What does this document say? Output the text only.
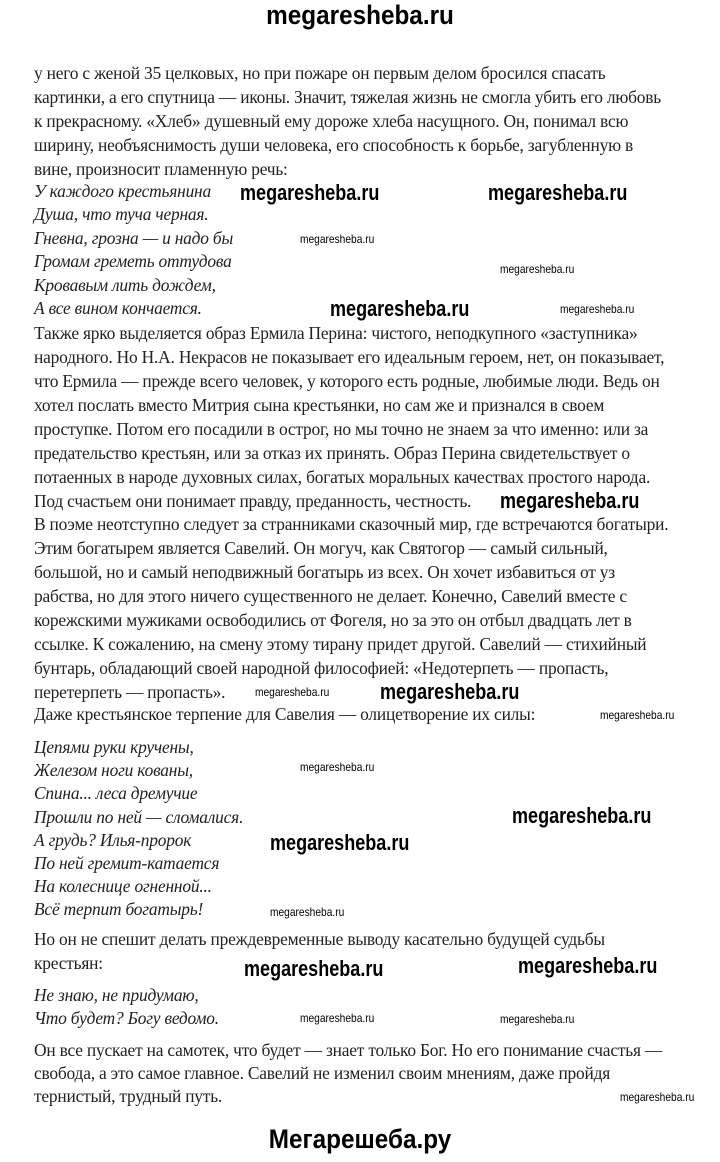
megaresheba.ru
у него с женой 35 целковых, но при пожаре он первым делом бросился спасать
картинки, а его спутница — иконы. Значит, тяжелая жизнь не смогла убить его любовь
к прекрасному. «Хлеб» душевный ему дороже хлеба насущного. Он, понимал всю
ширину, необъяснимость души человека, его способность к борьбе, загубленную в
вине, произносит пламенную речь:
У каждого крестьянина
Душа, что туча черная.
Гневна, грозна — и надо бы
Громам греметь оттудова
Кровавым лить дождем,
А все вином кончается.
Также ярко выделяется образ Ермила Перина: чистого, неподкупного «заступника»
народного. Но Н.А. Некрасов не показывает его идеальным героем, нет, он показывает,
что Ермила — прежде всего человек, у которого есть родные, любимые люди. Ведь он
хотел послать вместо Митрия сына крестьянки, но сам же и признался в своем
проступке. Потом его посадили в острог, но мы точно не знаем за что именно: или за
предательство крестьян, или за отказ их принять. Образ Перина свидетельствует о
потаенных в народе духовных силах, богатых моральных качествах простого народа.
Под счастьем они понимает правду, преданность, честность.
В поэме неотступно следует за странниками сказочный мир, где встречаются богатыри.
Этим богатырем является Савелий. Он могуч, как Святогор — самый сильный,
большой, но и самый неподвижный богатырь из всех. Он хочет избавиться от уз
рабства, но для этого ничего существенного не делает. Конечно, Савелий вместе с
корежскими мужиками освободились от Фогеля, но за это он отбыл двадцать лет в
ссылке. К сожалению, на смену этому тирану придет другой. Савелий — стихийный
бунтарь, обладающий своей народной философией: «Недотерпеть — пропасть,
перетерпеть — пропасть».
Даже крестьянское терпение для Савелия — олицетворение их силы:
Цепями руки кручены,
Железом ноги кованы,
Спина... леса дремучие
Прошли по ней — сломалися.
А грудь? Илья-пророк
По ней гремит-катается
На колеснице огненной...
Всё терпит богатырь!
Но он не спешит делать преждевременные выводу касательно будущей судьбы
крестьян:
Не знаю, не придумаю,
Что будет? Богу ведомо.
Он все пускает на самотек, что будет — знает только Бог. Но его понимание счастья —
свобода, а это самое главное. Савелий не изменил своим мнениям, даже пройдя
тернистый, трудный путь.
megaresheba.ru	megaresheba.ru
megaresheba.ru
megaresheba.ru
megaresheba.ru
megaresheba.ru
megaresheba.ru
megaresheba.ru	megaresheba.ru
megaresheba.ru
megaresheba.ru
megaresheba.ru
megaresheba.ru
megaresheba.ru
megaresheba.ru
megaresheba.ru
megaresheba.ru	megaresheba.ru
megaresheba.ru
Мегарешеба.ру
